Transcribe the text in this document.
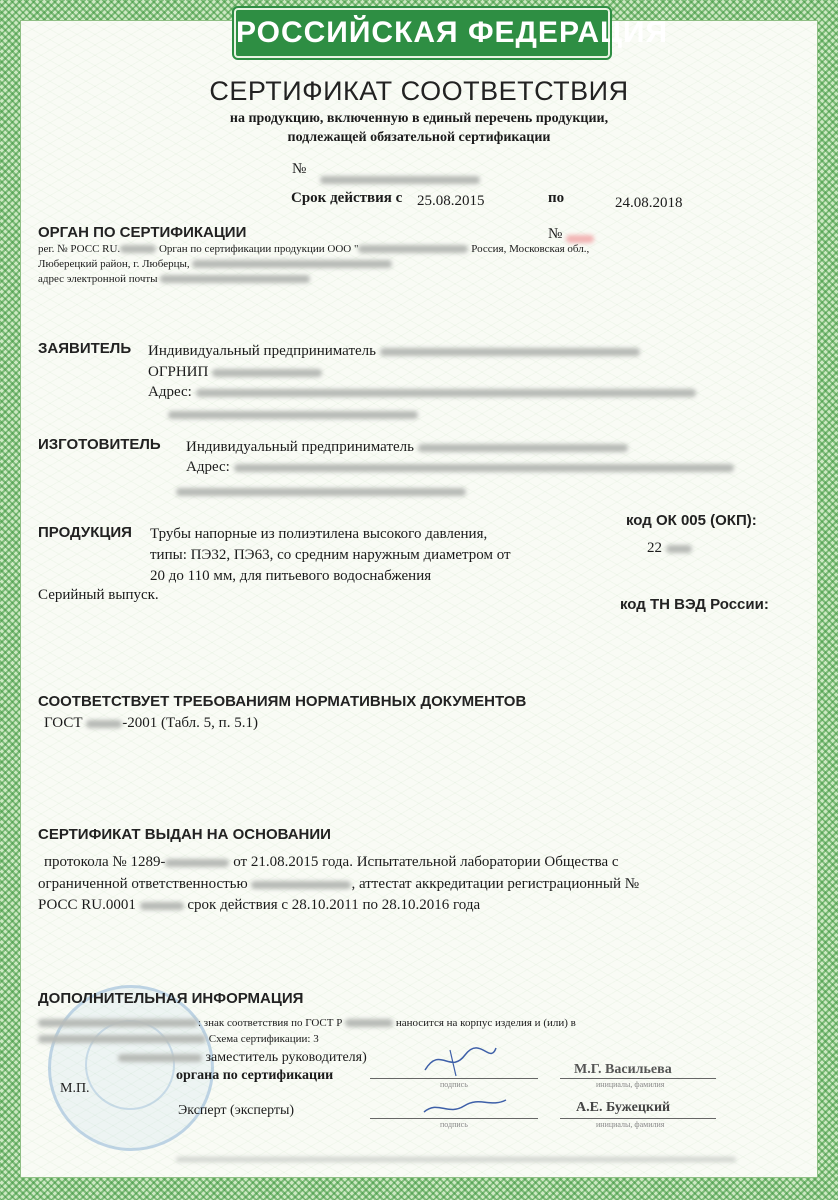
РОССИЙСКАЯ ФЕДЕРАЦИЯ
СЕРТИФИКАТ СООТВЕТСТВИЯ
на продукцию, включенную в единый перечень продукции,
подлежащей обязательной сертификации
№
Срок действия с 25.08.2015	по	24.08.2018
ОРГАН ПО СЕРТИФИКАЦИИ	№
рег. № РОСС RU.	Орган по сертификации продукции ООО "	Россия, Московская обл.,
Люберецкий район, г. Люберцы,
адрес электронной почты
ЗАЯВИТЕЛЬ Индивидуальный предприниматель
ОГРНИП
Адрес:
ИЗГОТОВИТЕЛЬ Индивидуальный предприниматель
Адрес:
ПРОДУКЦИЯ Трубы напорные из полиэтилена высокого давления,
типы: ПЭ32, ПЭ63, со средним наружным диаметром от
20 до 110 мм, для питьевого водоснабжения
Серийный выпуск.
код ОК 005 (ОКП):
22
код ТН ВЭД России:
СООТВЕТСТВУЕТ ТРЕБОВАНИЯМ НОРМАТИВНЫХ ДОКУМЕНТОВ
ГОСТ	-2001 (Табл. 5, п. 5.1)
СЕРТИФИКАТ ВЫДАН НА ОСНОВАНИИ
протокола № 1289-	от 21.08.2015 года. Испытательной лаборатории Общества с
ограниченной ответственностью	, аттестат аккредитации регистрационный №
РОСС RU.0001	срок действия с 28.10.2011 по 28.10.2016 года
ДОПОЛНИТЕЛЬНАЯ ИНФОРМАЦИЯ
: знак соответствия по ГОСТ Р	наносится на корпус изделия и (или) в
Схема сертификации: 3
заместитель руководителя)
органа по сертификации
М.П.	подпись
М.Г. Васильева
инициалы, фамилия
Эксперт (эксперты)
подпись
А.Е. Бужецкий
инициалы, фамилия
